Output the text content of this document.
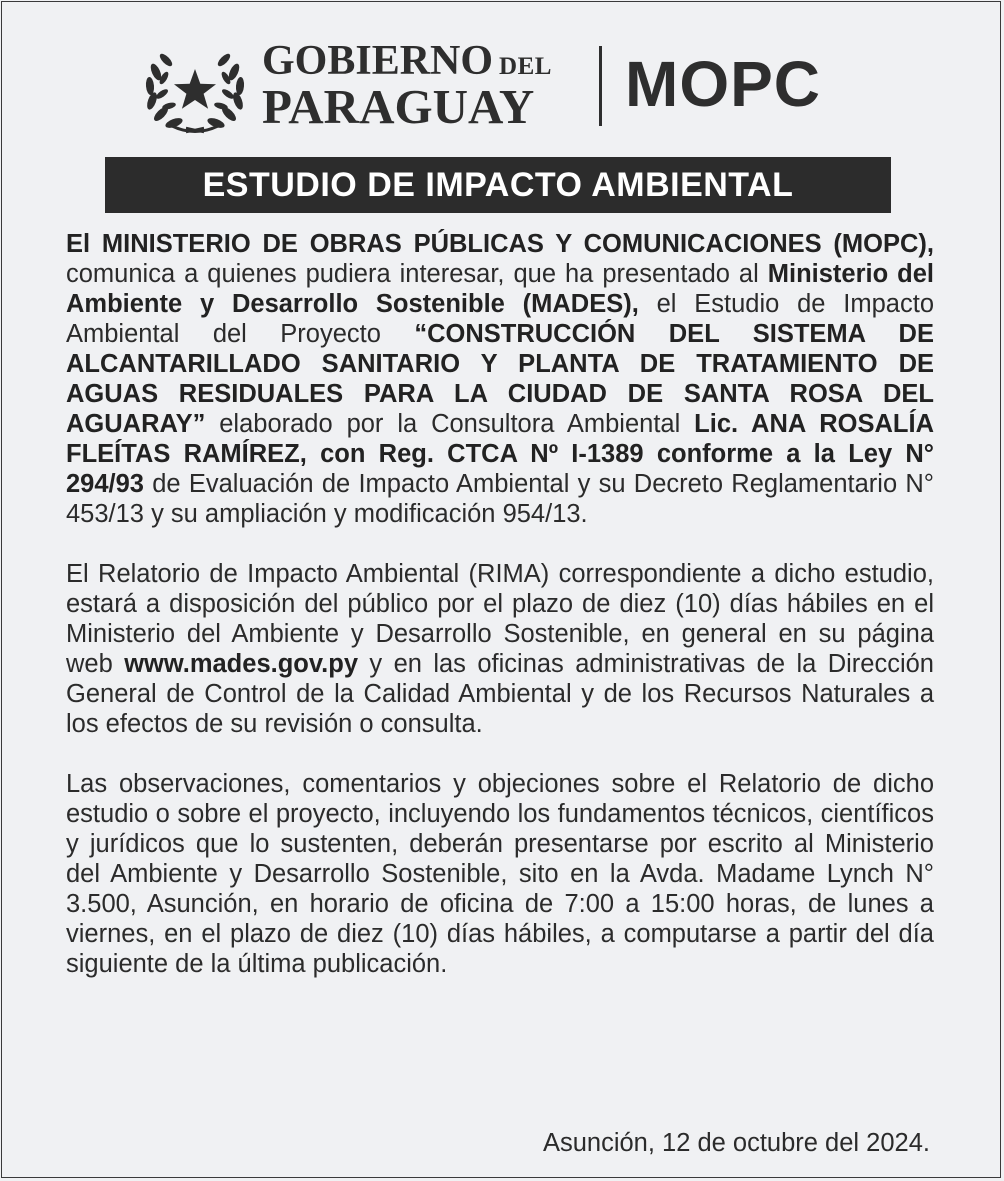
GOBIERNO DEL
PARAGUAY MOPC
ESTUDIO DE IMPACTO AMBIENTAL

El MINISTERIO DE OBRAS PÚBLICAS Y COMUNICACIONES (MOPC), comunica a quienes pudiera interesar, que ha presentado al Ministerio del Ambiente y Desarrollo Sostenible (MADES), el Estudio de Impacto Ambiental del Proyecto “CONSTRUCCIÓN DEL SISTEMA DE ALCANTARILLADO SANITARIO Y PLANTA DE TRATAMIENTO DE AGUAS RESIDUALES PARA LA CIUDAD DE SANTA ROSA DEL AGUARAY” elaborado por la Consultora Ambiental Lic. ANA ROSALÍA FLEÍTAS RAMÍREZ, con Reg. CTCA Nº I-1389 conforme a la Ley N° 294/93 de Evaluación de Impacto Ambiental y su Decreto Reglamentario N° 453/13 y su ampliación y modificación 954/13.

El Relatorio de Impacto Ambiental (RIMA) correspondiente a dicho estudio, estará a disposición del público por el plazo de diez (10) días hábiles en el Ministerio del Ambiente y Desarrollo Sostenible, en general en su página web www.mades.gov.py y en las oficinas administrativas de la Dirección General de Control de la Calidad Ambiental y de los Recursos Naturales a los efectos de su revisión o consulta.

Las observaciones, comentarios y objeciones sobre el Relatorio de dicho estudio o sobre el proyecto, incluyendo los fundamentos técnicos, científicos y jurídicos que lo sustenten, deberán presentarse por escrito al Ministerio del Ambiente y Desarrollo Sostenible, sito en la Avda. Madame Lynch N° 3.500, Asunción, en horario de oficina de 7:00 a 15:00 horas, de lunes a viernes, en el plazo de diez (10) días hábiles, a computarse a partir del día siguiente de la última publicación.

Asunción, 12 de octubre del 2024.
